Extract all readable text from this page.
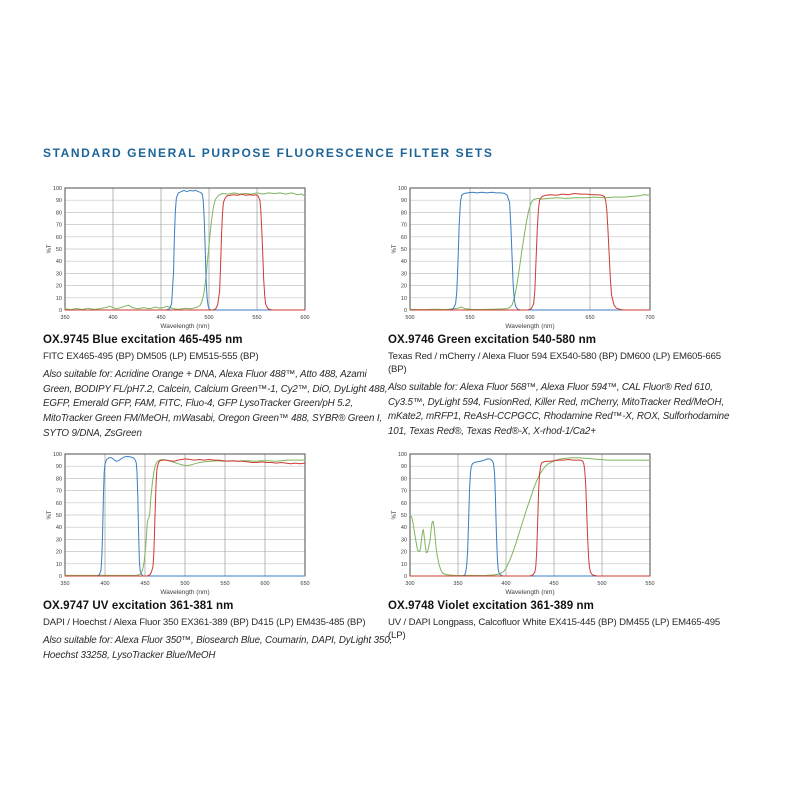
STANDARD GENERAL PURPOSE FLUORESCENCE FILTER SETS
0
10
20
30
40
50
60
70
80
90
100
350	400	450	500	550	600
%T
Wavelength (nm)
OX.9745 Blue excitation 465-495 nm

FITC EX465-495 (BP) DM505 (LP) EM515-555 (BP)

Also suitable for: Acridine Orange + DNA, Alexa Fluor 488™, Atto 488, Azami Green, BODIPY FL/pH7.2, Calcein, Calcium Green™-1, Cy2™, DiO, DyLight 488, EGFP, Emerald GFP, FAM, FITC, Fluo-4, GFP LysoTracker Green/pH 5.2, MitoTracker Green FM/MeOH, mWasabi, Oregon Green™ 488, SYBR® Green I, SYTO 9/DNA, ZsGreen

0
10
20
30
40
50
60
70
80
90
100
500	550	600	650	700
%T
Wavelength (nm)
OX.9746 Green excitation 540-580 nm

Texas Red / mCherry / Alexa Fluor 594 EX540-580 (BP) DM600 (LP) EM605-665 (BP)

Also suitable for: Alexa Fluor 568™, Alexa Fluor 594™, CAL Fluor® Red 610, Cy3.5™, DyLight 594, FusionRed, Killer Red, mCherry, MitoTracker Red/MeOH, mKate2, mRFP1, ReAsH-CCPGCC, Rhodamine Red™-X, ROX, Sulforhodamine 101, Texas Red®, Texas Red®-X, X-rhod-1/Ca2+

0
10
20
30
40
50
60
70
80
90
100
350	400	450	500	550	600	650
%T
Wavelength (nm)
OX.9747 UV excitation 361-381 nm

DAPI / Hoechst / Alexa Fluor 350 EX361-389 (BP) D415 (LP) EM435-485 (BP)

Also suitable for: Alexa Fluor 350™, Biosearch Blue, Coumarin, DAPI, DyLight 350, Hoechst 33258, LysoTracker Blue/MeOH

0
10
20
30
40
50
60
70
80
90
100
300	350	400	450	500	550
%T
Wavelength (nm)
OX.9748 Violet excitation 361-389 nm

UV / DAPI Longpass, Calcofluor White EX415-445 (BP) DM455 (LP) EM465-495 (LP)
